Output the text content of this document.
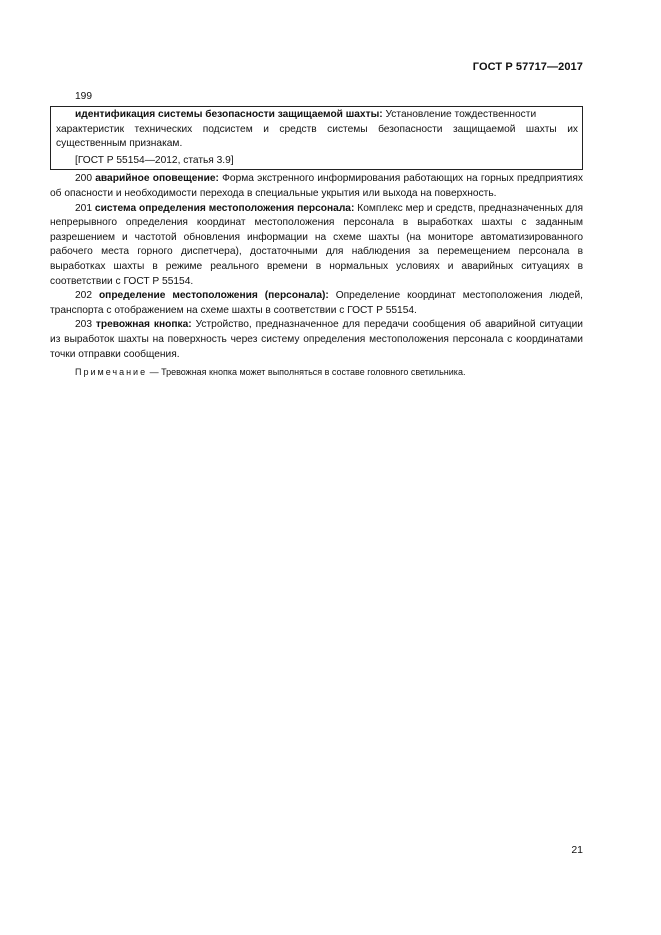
ГОСТ Р 57717—2017
199

идентификация системы безопасности защищаемой шахты: Установление тождественности

характеристик технических подсистем и средств системы безопасности защищаемой шахты их существенным признакам.

[ГОСТ Р 55154—2012, статья 3.9]

200 аварийное оповещение: Форма экстренного информирования работающих на горных предприятиях об опасности и необходимости перехода в специальные укрытия или выхода на поверхность.

201 система определения местоположения персонала: Комплекс мер и средств, предназначенных для непрерывного определения координат местоположения персонала в выработках шахты с заданным разрешением и частотой обновления информации на схеме шахты (на мониторе автоматизированного рабочего места горного диспетчера), достаточными для наблюдения за перемещением персонала в выработках шахты в режиме реального времени в нормальных условиях и аварийных ситуациях в соответствии с ГОСТ Р 55154.

202 определение местоположения (персонала): Определение координат местоположения людей, транспорта с отображением на схеме шахты в соответствии с ГОСТ Р 55154.

203 тревожная кнопка: Устройство, предназначенное для передачи сообщения об аварийной ситуации из выработок шахты на поверхность через систему определения местоположения персонала с координатами точки отправки сообщения.

Примечание — Тревожная кнопка может выполняться в составе головного светильника.

21
